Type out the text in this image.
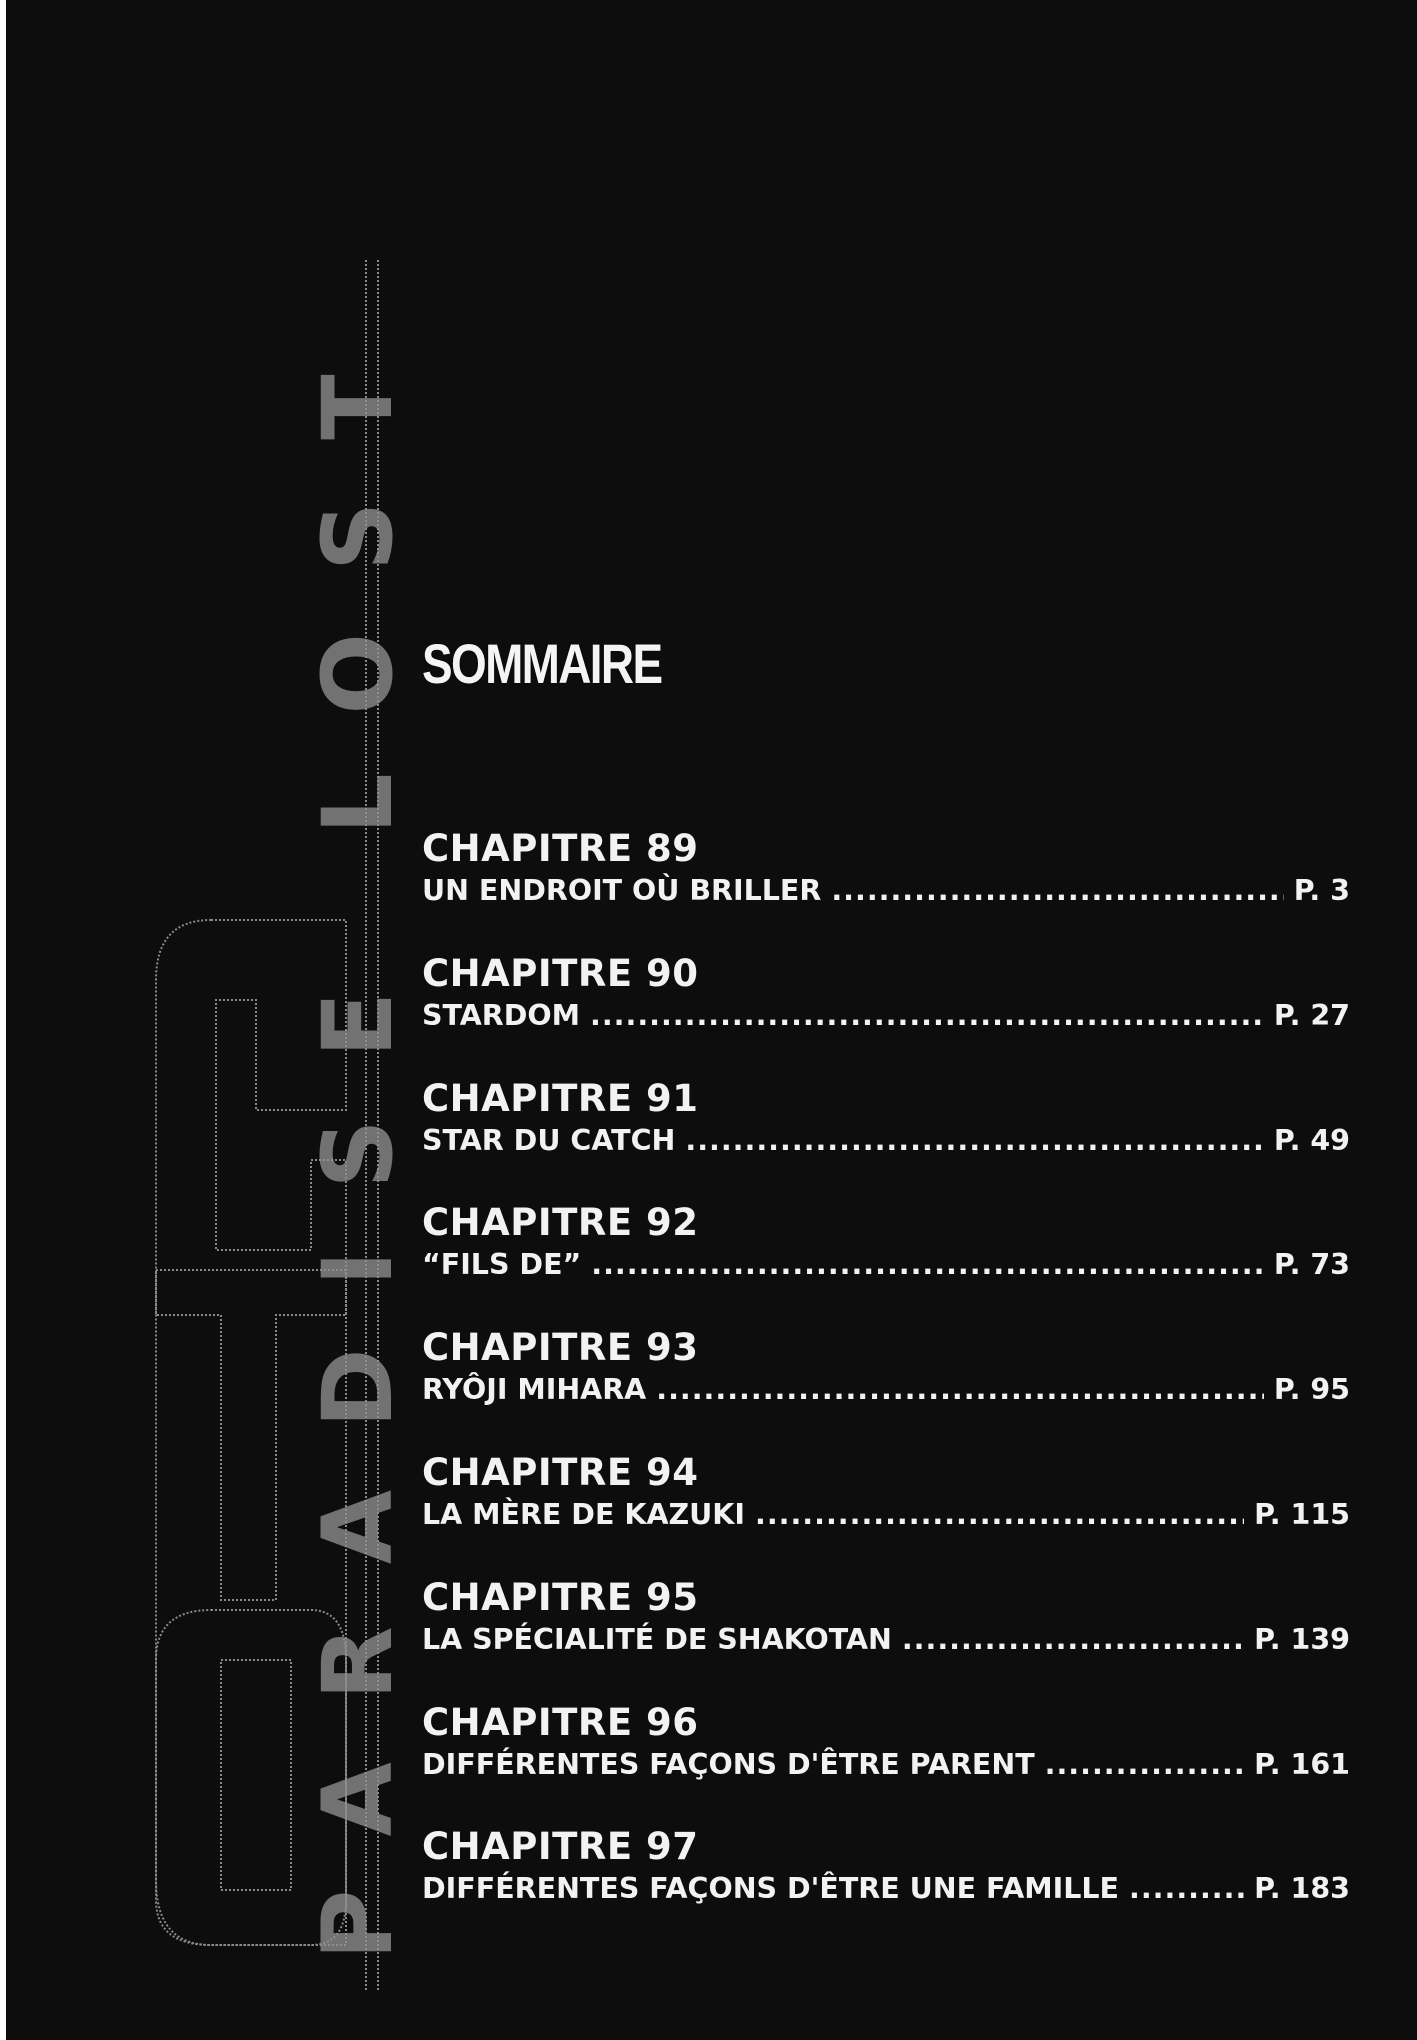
PARADISE LOST SOMMAIRE
CHAPITRE 89
UN ENDROIT OÙ BRILLER .....	P. 3
CHAPITRE 90
STARDOM .....	P. 27
CHAPITRE 91
STAR DU CATCH .....	P. 49
CHAPITRE 92
“FILS DE” .....	P. 73
CHAPITRE 93
RYÔJI MIHARA .....	P. 95
CHAPITRE 94
LA MÈRE DE KAZUKI .....	P. 115
CHAPITRE 95
LA SPÉCIALITÉ DE SHAKOTAN .....	P. 139
CHAPITRE 96
DIFFÉRENTES FAÇONS D'ÊTRE PARENT .....	P. 161
CHAPITRE 97
DIFFÉRENTES FAÇONS D'ÊTRE UNE FAMILLE .....	P. 183
